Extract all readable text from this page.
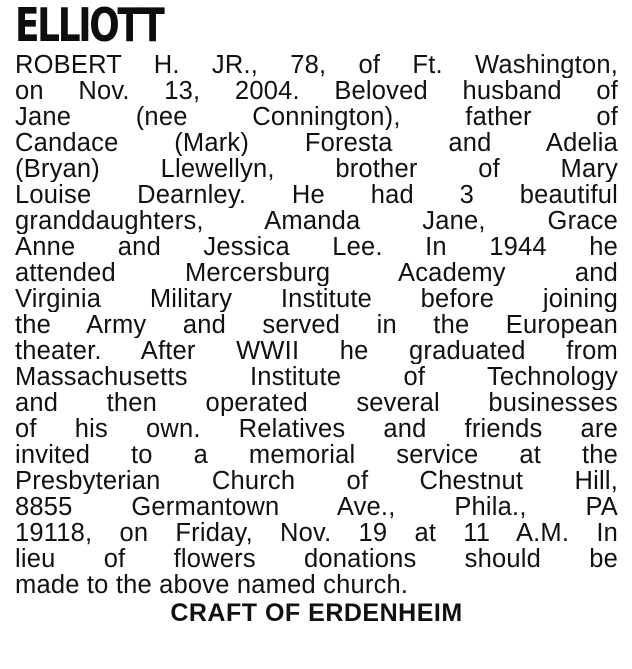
ELLIOTT
ROBERT H. JR., 78, of Ft. Washington,
on Nov. 13, 2004. Beloved husband of
Jane (nee Connington), father of
Candace (Mark) Foresta and Adelia
(Bryan) Llewellyn, brother of Mary
Louise Dearnley. He had 3 beautiful
granddaughters, Amanda Jane, Grace
Anne and Jessica Lee. In 1944 he
attended Mercersburg Academy and
Virginia Military Institute before joining
the Army and served in the European
theater. After WWII he graduated from
Massachusetts Institute of Technology
and then operated several businesses
of his own. Relatives and friends are
invited to a memorial service at the
Presbyterian Church of Chestnut Hill,
8855 Germantown Ave., Phila., PA
19118, on Friday, Nov. 19 at 11 A.M. In
lieu of flowers donations should be
made to the above named church.
CRAFT OF ERDENHEIM
